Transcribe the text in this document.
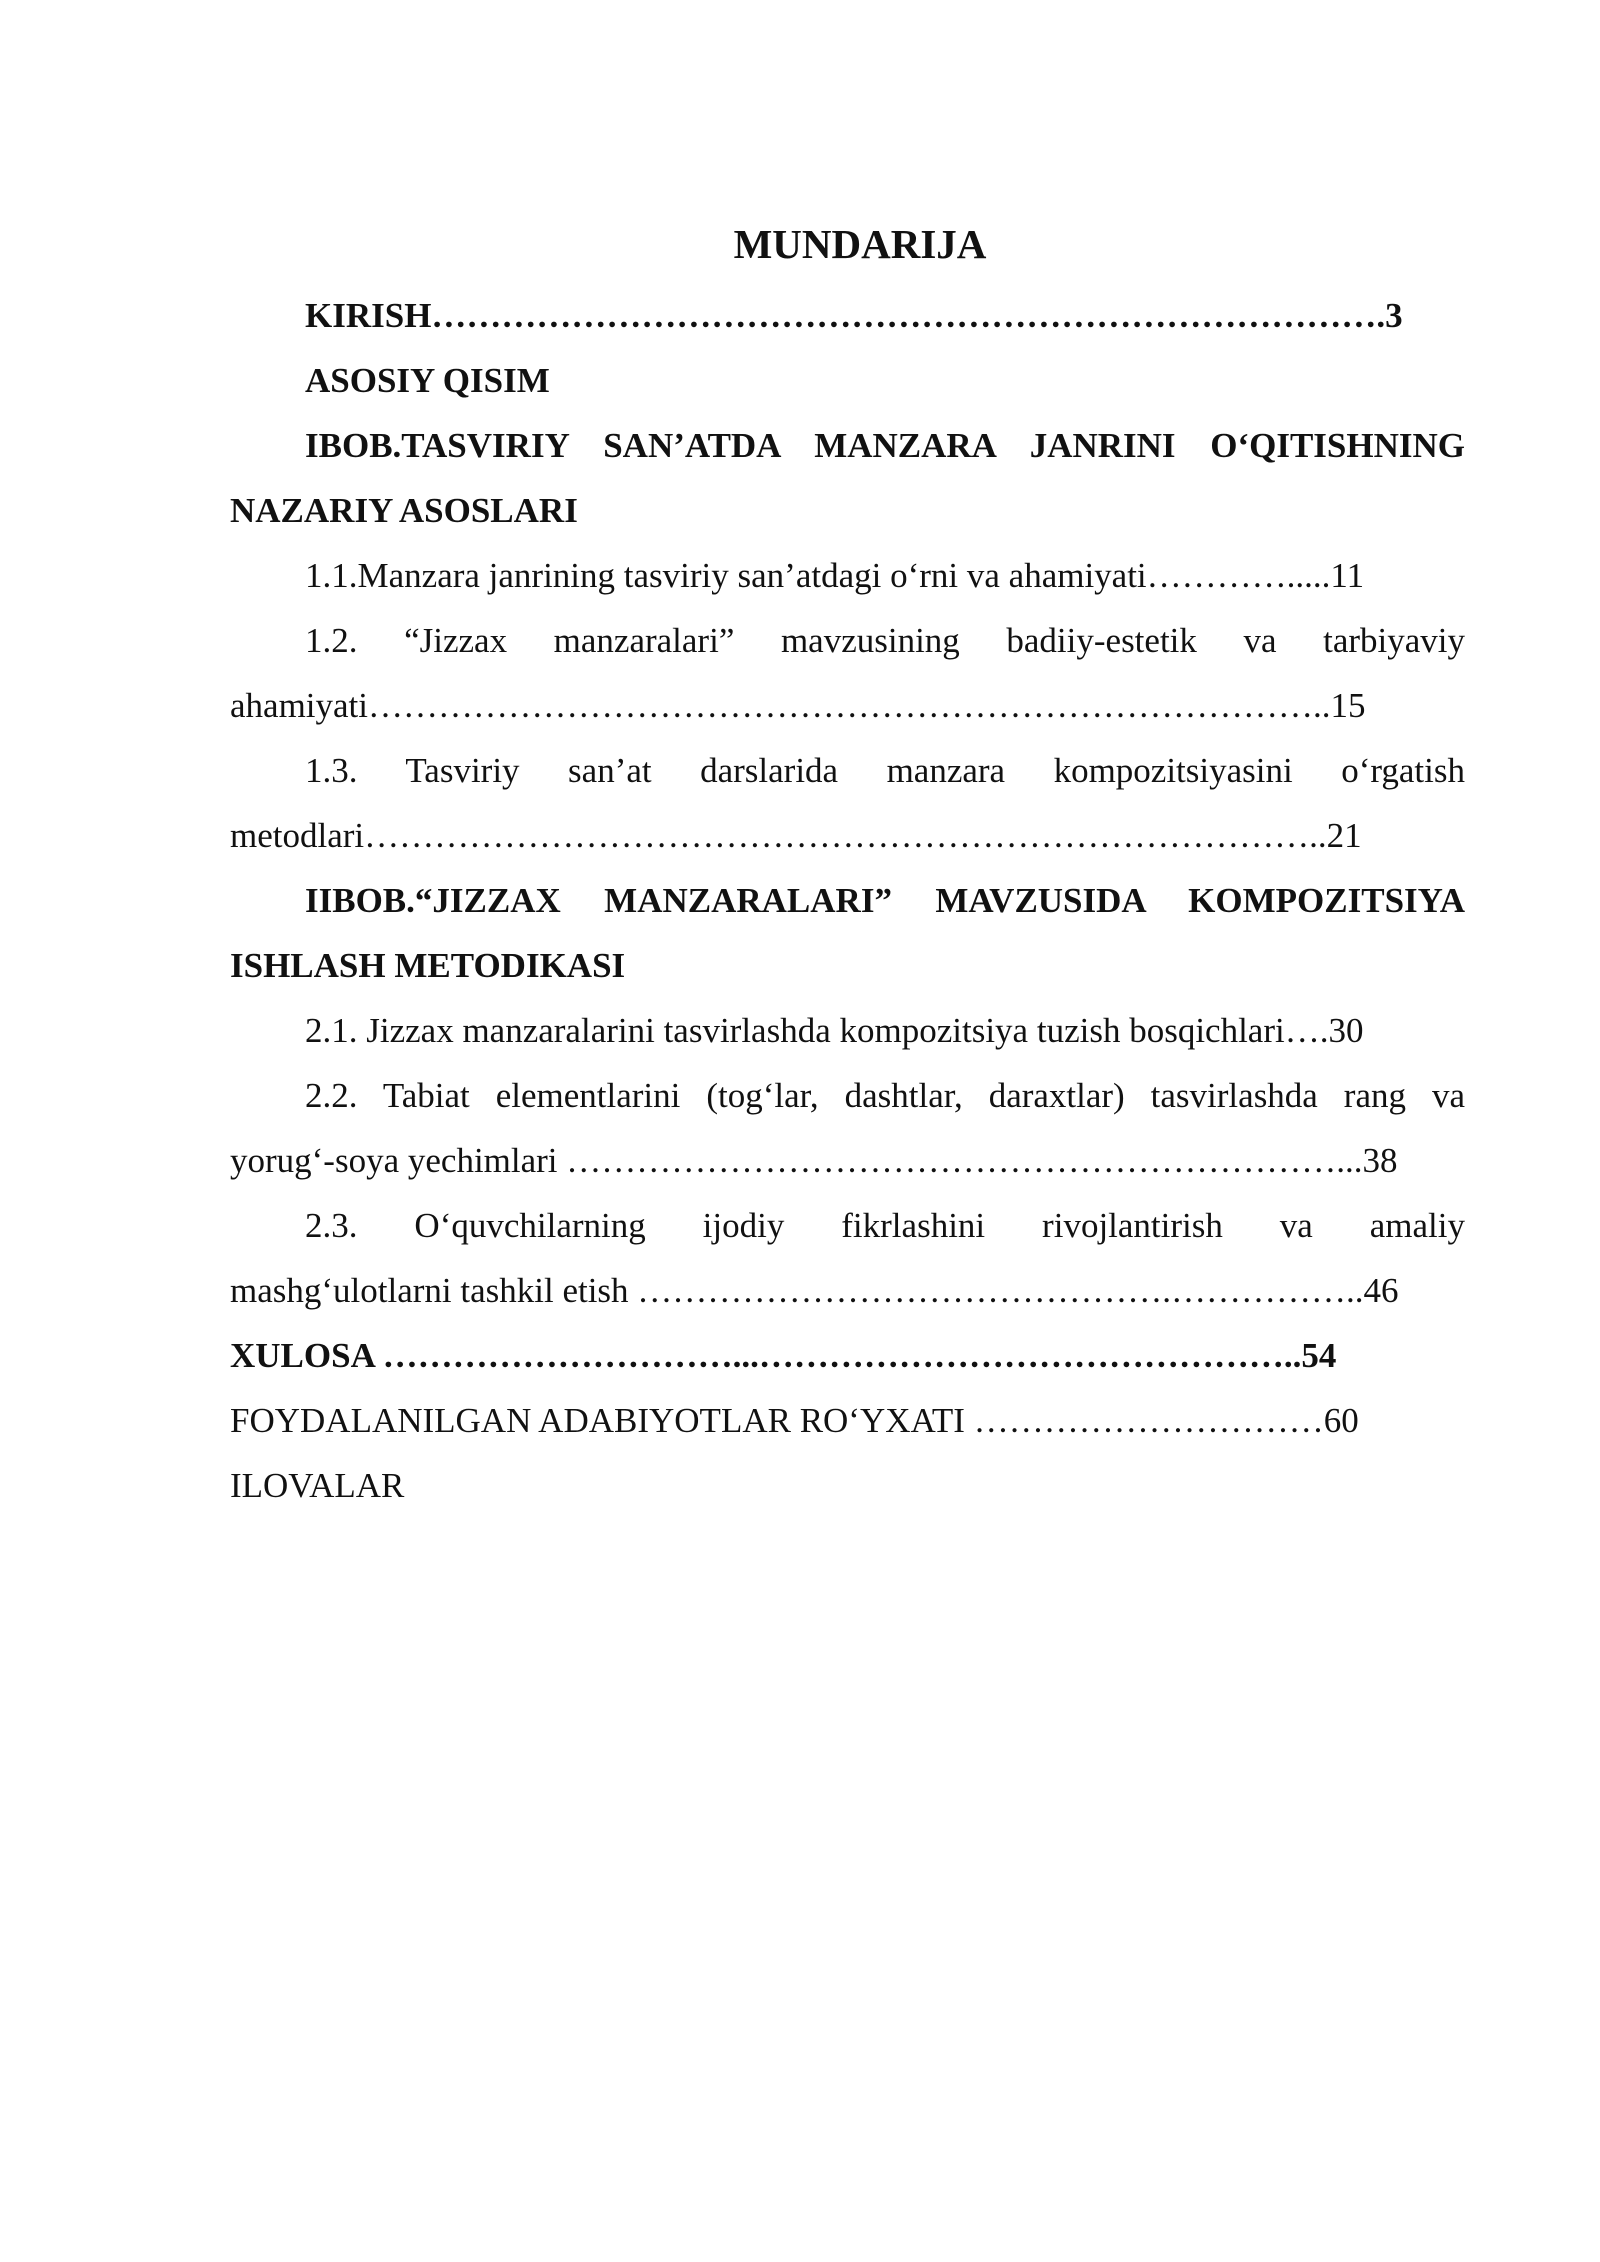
MUNDARIJA
KIRISH……………………………………………………………………….3
ASOSIY QISIM
IBOB.TASVIRIY SAN’ATDA MANZARA JANRINI O‘QITISHNING
NAZARIY ASOSLARI
1.1.Manzara janrining tasviriy san’atdagi o‘rni va ahamiyati………….....11
1.2. “Jizzax manzaralari” mavzusining badiiy-estetik va tarbiyaviy
ahamiyati………………………………………………………………………..15
1.3. Tasviriy san’at darslarida manzara kompozitsiyasini o‘rgatish
metodlari………………………………………………………………………..21
IIBOB.“JIZZAX MANZARALARI” MAVZUSIDA KOMPOZITSIYA
ISHLASH METODIKASI
2.1. Jizzax manzaralarini tasvirlashda kompozitsiya tuzish bosqichlari….30
2.2. Tabiat elementlarini (tog‘lar, dashtlar, daraxtlar) tasvirlashda rang va
yorug‘-soya yechimlari …………………………………………………………...38
2.3. O‘quvchilarning ijodiy fikrlashini rivojlantirish va amaliy
mashg‘ulotlarni tashkil etish ……………………………………….……………..46
XULOSA …………………………...………………………………………..54
FOYDALANILGAN ADABIYOTLAR RO‘YXATI …………………………60
ILOVALAR
